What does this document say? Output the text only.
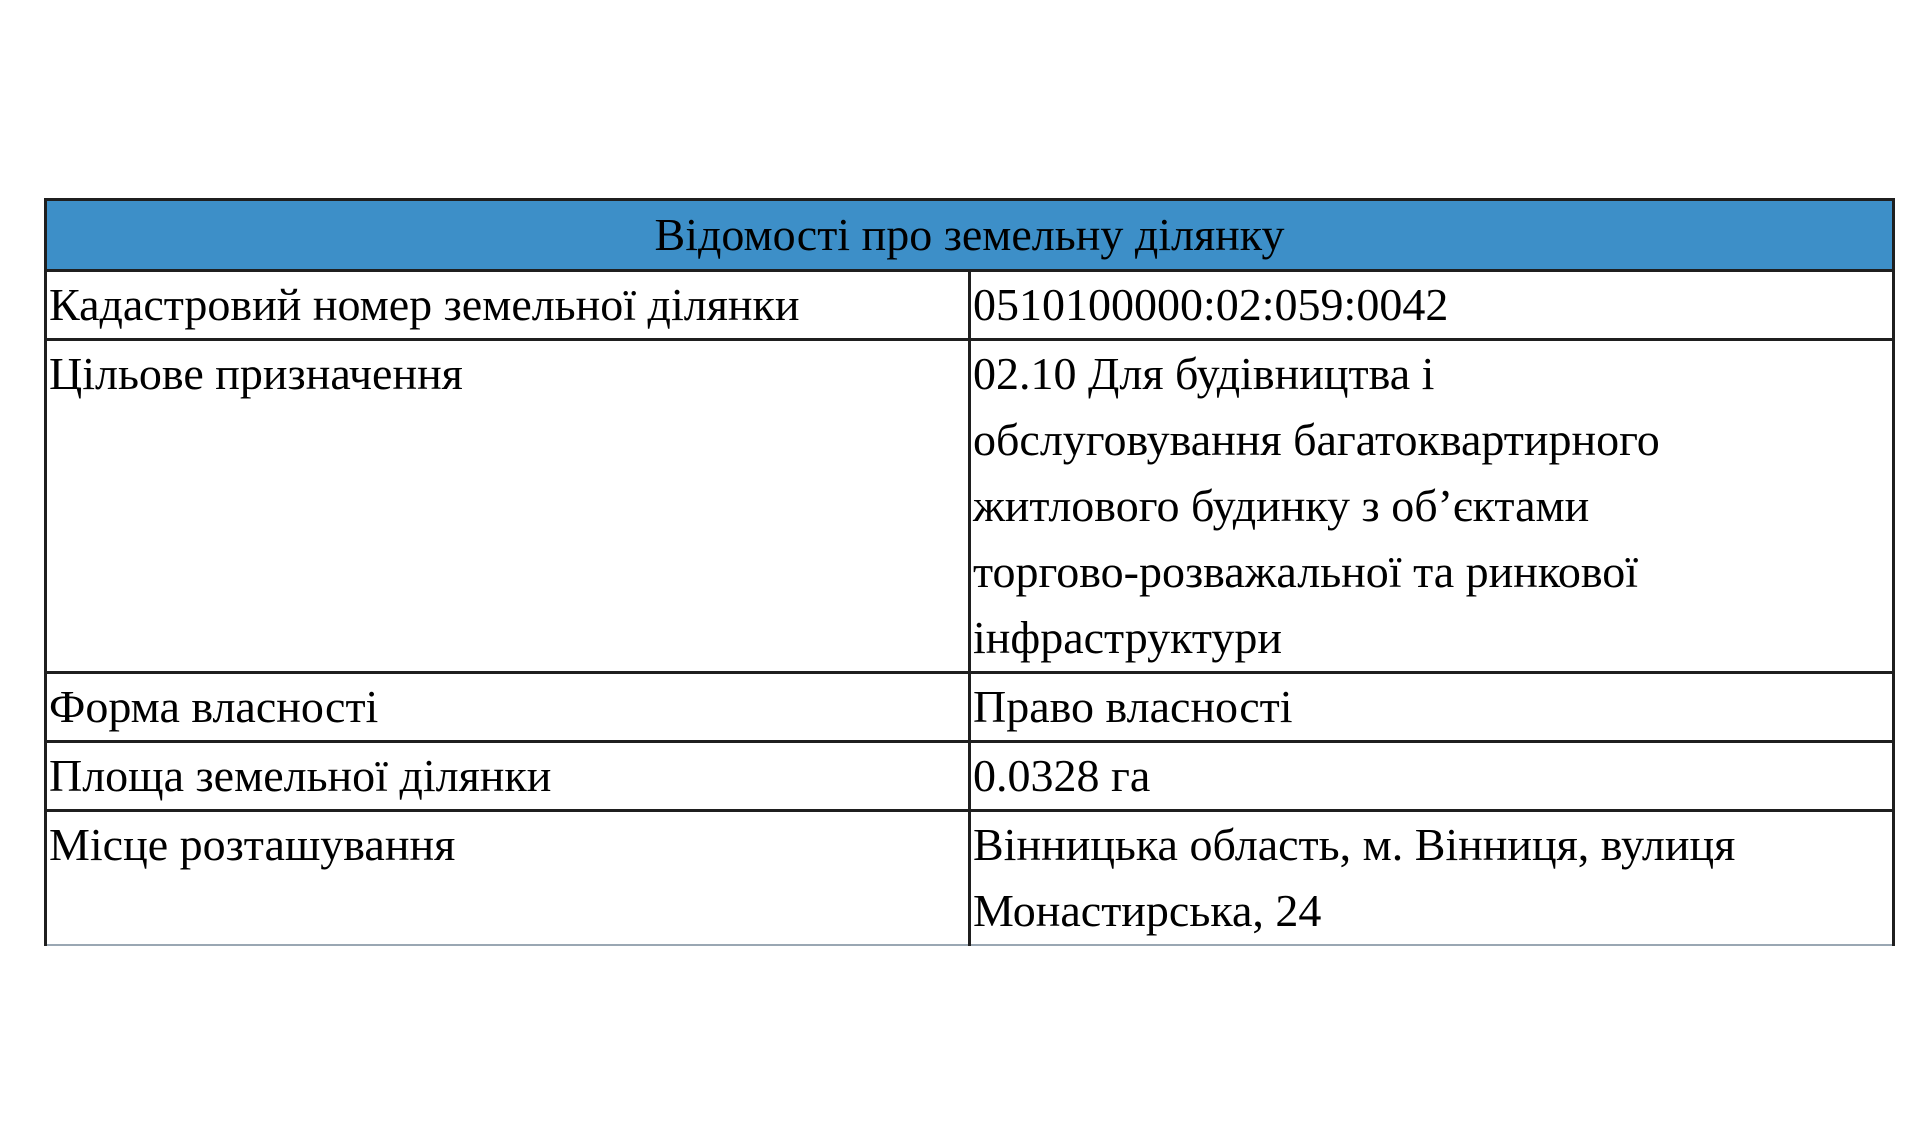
Відомості про земельну ділянку	
Кадастровий номер земельної ділянки	0510100000:02:059:0042

Цільове призначення	02.10 Для будівництва і
обслуговування багатоквартирного
житлового будинку з об’єктами
торгово-розважальної та ринкової
інфраструктури

Форма власності	Право власності

Площа земельної ділянки	0.0328 га

Місце розташування	Вінницька область, м. Вінниця, вулиця
Монастирська, 24
